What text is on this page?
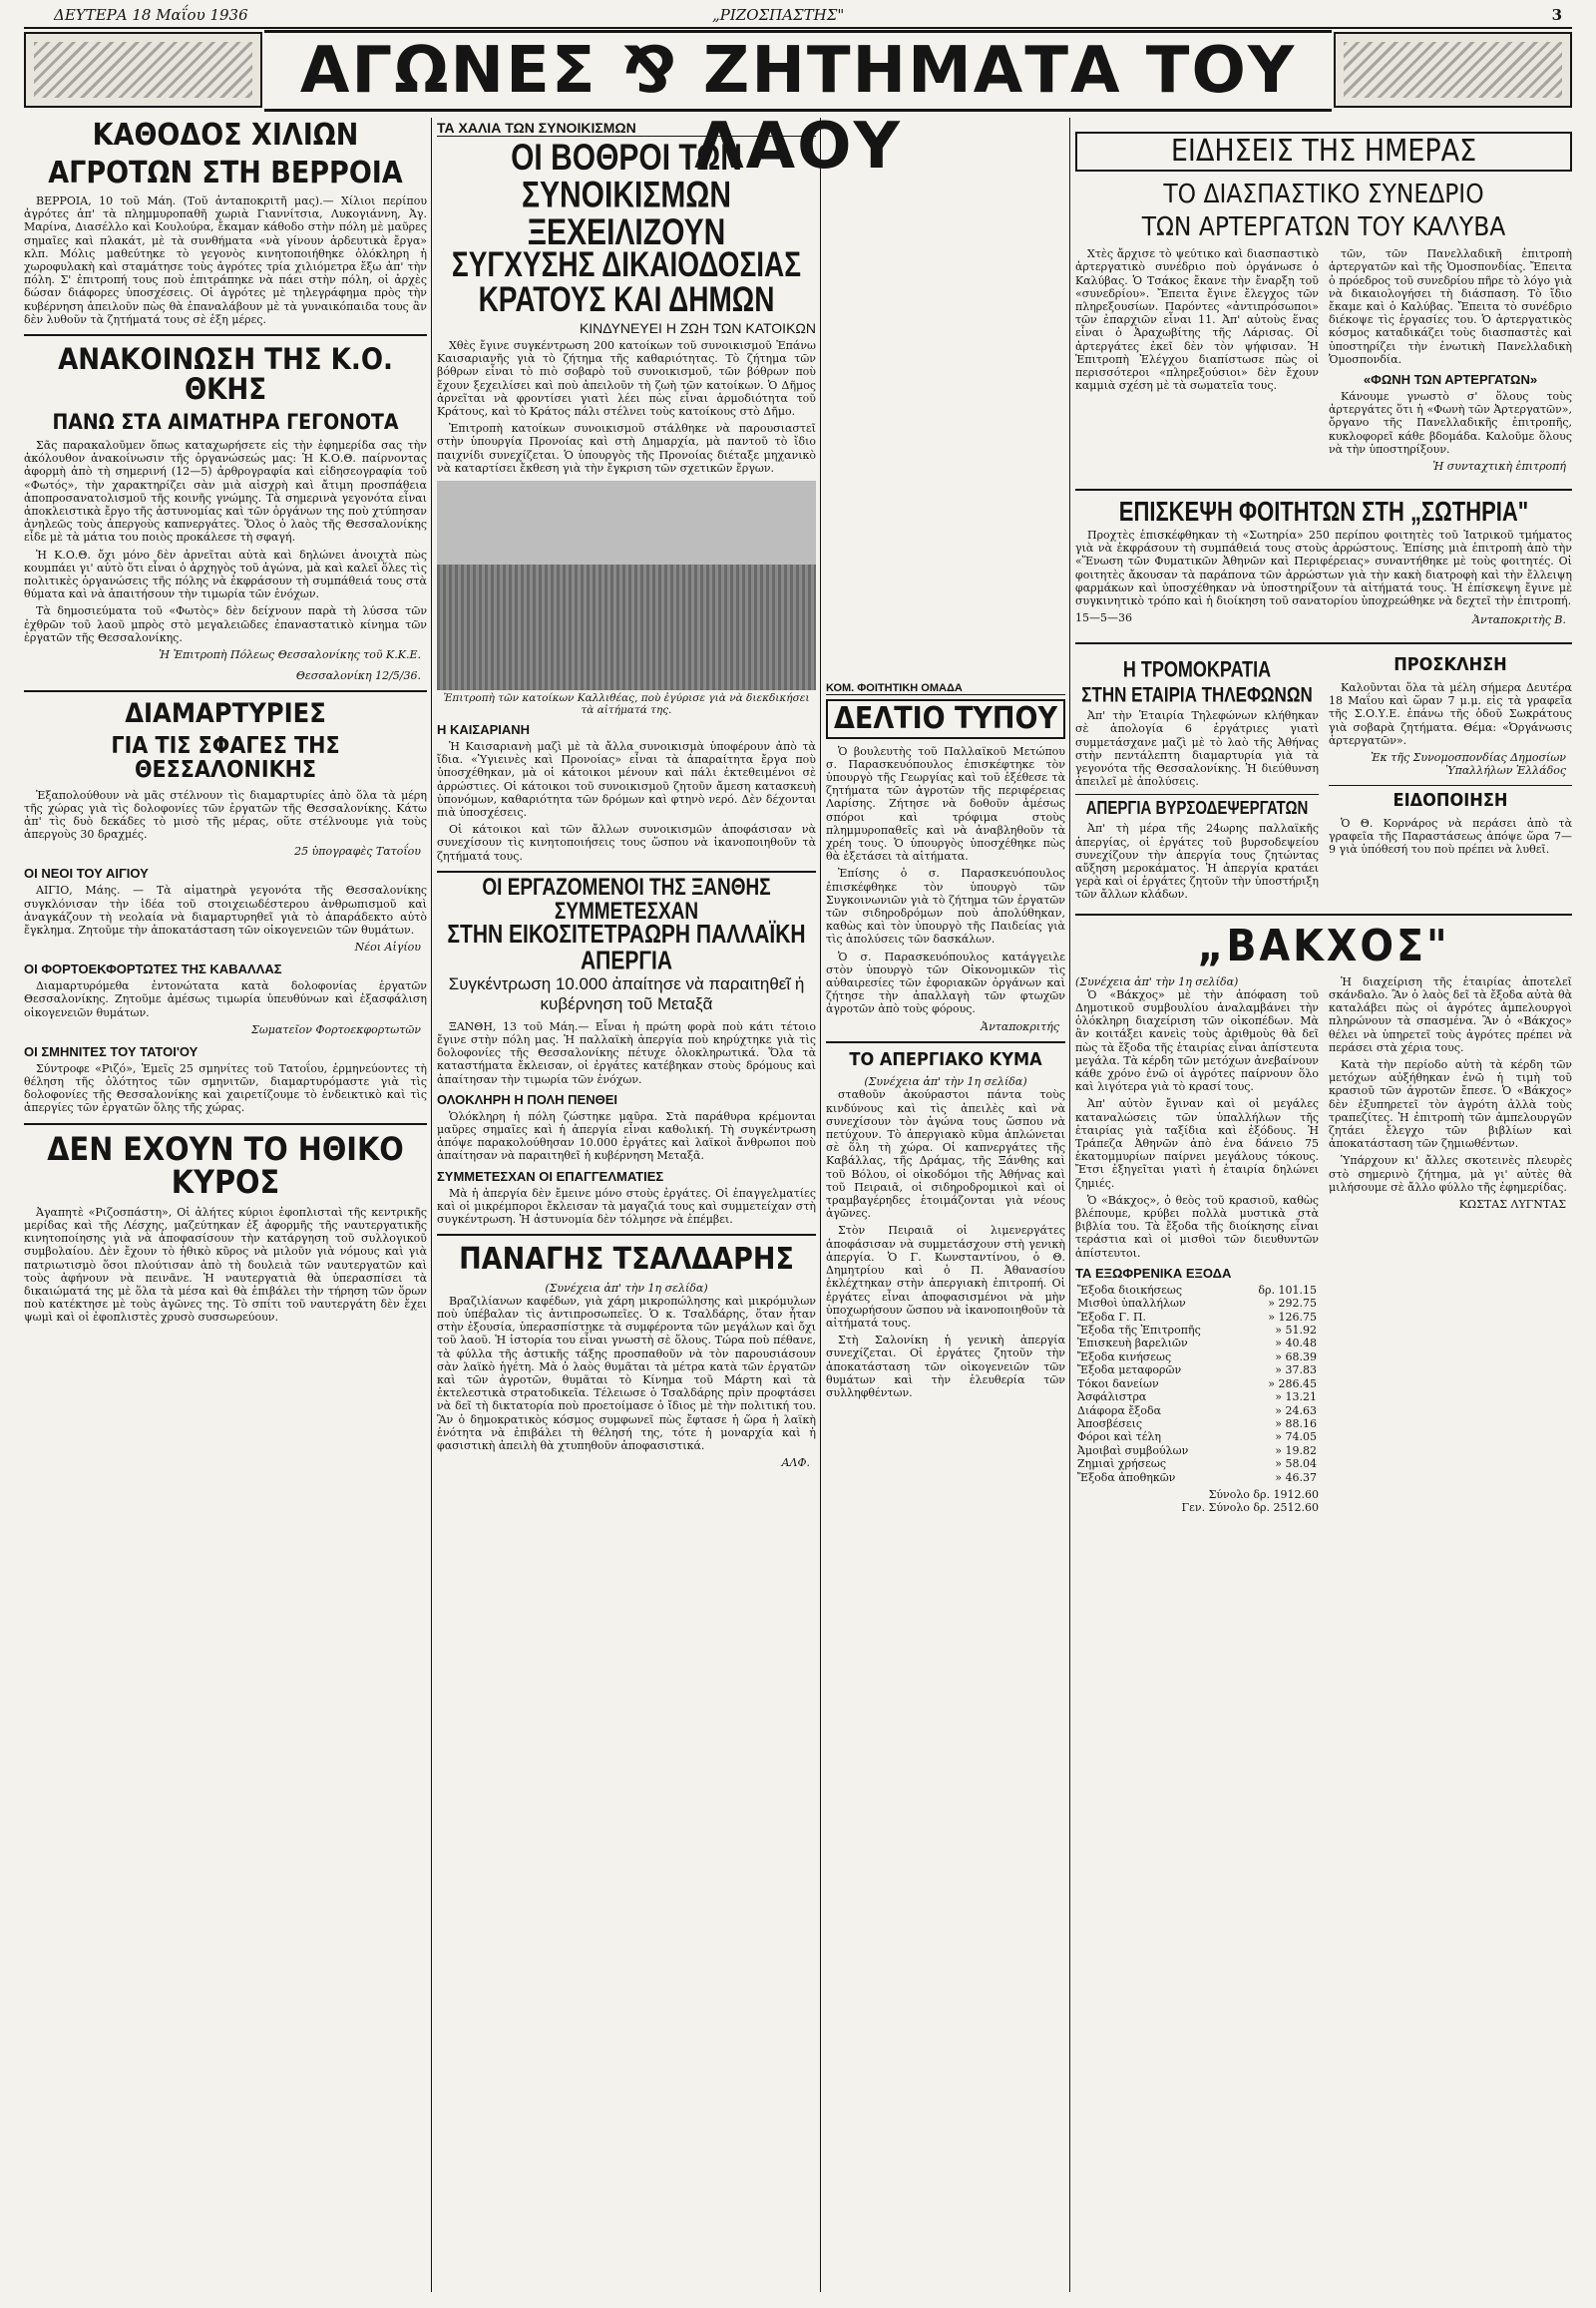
ΔΕΥΤΕΡΑ 18 Μαΐου 1936	„ΡΙΖΟΣΠΑΣΤΗΣ"	3
ΑΓΩΝΕΣ ⅋ ΖΗΤΗΜΑΤΑ ΤΟΥ ΛΑΟΥ
ΚΑΘΟΔΟΣ ΧΙΛΙΩΝ
ΑΓΡΟΤΩΝ ΣΤΗ ΒΕΡΡΟΙΑ

ΒΕΡΡΟΙΑ, 10 τοῦ Μάη. (Τοῦ ἀνταποκριτῆ μας).— Χίλιοι περίπου ἀγρότες ἀπ' τὰ πλημμυροπαθῆ χωριὰ Γιαννίτσια, Λυκογιάννη, Ἀγ. Μαρίνα, Διασέλλο καὶ Κουλούρα, ἔκαμαν κάθοδο στὴν πόλη μὲ μαῦρες σημαῖες καὶ πλακάτ, μὲ τὰ συνθήματα «νὰ γίνουν ἀρδευτικὰ ἔργα» κλπ. Μόλις μαθεύτηκε τὸ γεγονὸς κινητοποιήθηκε ὁλόκληρη ἡ χωροφυλακὴ καὶ σταμάτησε τοὺς ἀγρότες τρία χιλιόμετρα ἔξω ἀπ' τὴν πόλη. Σ' ἐπιτροπή τους ποὺ ἐπιτράπηκε νὰ πάει στὴν πόλη, οἱ ἀρχὲς δώσαν διάφορες ὑποσχέσεις. Οἱ ἀγρότες μὲ τηλεγράφημα πρὸς τὴν κυβέρνηση ἀπειλοῦν πὼς θὰ ἐπαναλάβουν μὲ τὰ γυναικόπαιδα τους ἂν δὲν λυθοῦν τὰ ζητήματά τους σὲ ἑξη μέρες.

ΑΝΑΚΟΙΝΩΣΗ ΤΗΣ Κ.Ο. ΘΚΗΣ
ΠΑΝΩ ΣΤΑ ΑΙΜΑΤΗΡΑ ΓΕΓΟΝΟΤΑ

Σᾶς παρακαλοῦμεν ὅπως καταχωρήσετε εἰς τὴν ἐφημερίδα σας τὴν ἀκόλουθον ἀνακοίνωσιν τῆς ὀργανώσεώς μας: Ἡ Κ.Ο.Θ. παίρνοντας ἀφορμὴ ἀπὸ τὴ σημερινή (12—5) ἀρθρογραφία καὶ εἰδησεογραφία τοῦ «Φωτός», τὴν χαρακτηρίζει σὰν μιὰ αἰσχρὴ καὶ ἄτιμη προσπάθεια ἀποπροσανατολισμοῦ τῆς κοινῆς γνώμης. Τὰ σημερινὰ γεγονότα εἶναι ἀποκλειστικὰ ἔργο τῆς ἀστυνομίας καὶ τῶν ὀργάνων της ποὺ χτύπησαν ἀνηλεῶς τοὺς ἀπεργοὺς καπνεργάτες. Ὅλος ὁ λαὸς τῆς Θεσσαλονίκης εἶδε μὲ τὰ μάτια του ποιὸς προκάλεσε τὴ σφαγή.

Ἡ Κ.Ο.Θ. ὄχι μόνο δὲν ἀρνεῖται αὐτὰ καὶ δηλώνει ἀνοιχτὰ πὼς κουμπάει γι' αὐτὸ ὅτι εἶναι ὁ ἀρχηγὸς τοῦ ἀγώνα, μὰ καὶ καλεῖ ὅλες τὶς πολιτικὲς ὀργανώσεις τῆς πόλης νὰ ἐκφράσουν τὴ συμπάθειά τους στὰ θύματα καὶ νὰ ἀπαιτήσουν τὴν τιμωρία τῶν ἐνόχων.

Τὰ δημοσιεύματα τοῦ «Φωτὸς» δὲν δείχνουν παρὰ τὴ λύσσα τῶν ἐχθρῶν τοῦ λαοῦ μπρὸς στὸ μεγαλειῶδες ἐπαναστατικὸ κίνημα τῶν ἐργατῶν τῆς Θεσσαλονίκης.

Ἡ Ἐπιτροπὴ Πόλεως Θεσσαλονίκης τοῦ Κ.Κ.Ε.
Θεσσαλονίκη 12/5/36.
ΔΙΑΜΑΡΤΥΡΙΕΣ
ΓΙΑ ΤΙΣ ΣΦΑΓΕΣ ΤΗΣ ΘΕΣΣΑΛΟΝΙΚΗΣ

Ἐξαπολούθουν νὰ μᾶς στέλνουν τὶς διαμαρτυρίες ἀπὸ ὅλα τὰ μέρη τῆς χώρας γιὰ τὶς δολοφονίες τῶν ἐργατῶν τῆς Θεσσαλονίκης. Κάτω ἀπ' τὶς δυὸ δεκάδες τὸ μισὸ τῆς μέρας, οὕτε στέλνουμε γιὰ τοὺς ἀπεργοὺς 30 δραχμές.

25 ὑπογραφὲς Τατοΐου
ΟΙ ΝΕΟΙ ΤΟΥ ΑΙΓΙΟΥ

ΑΙΓΙΟ, Μάης. — Τὰ αἱματηρὰ γεγονότα τῆς Θεσσαλονίκης συγκλόνισαν τὴν ἰδέα τοῦ στοιχειωδέστερου ἀνθρωπισμοῦ καὶ ἀναγκάζουν τὴ νεολαία νὰ διαμαρτυρηθεῖ γιὰ τὸ ἀπαράδεκτο αὐτὸ ἔγκλημα. Ζητοῦμε τὴν ἀποκατάσταση τῶν οἰκογενειῶν τῶν θυμάτων.

Νέοι Αἰγίου
ΟΙ ΦΟΡΤΟΕΚΦΟΡΤΩΤΕΣ ΤΗΣ ΚΑΒΑΛΛΑΣ

Διαμαρτυρόμεθα ἐντονώτατα κατὰ δολοφονίας ἐργατῶν Θεσσαλονίκης. Ζητοῦμε ἀμέσως τιμωρία ὑπευθύνων καὶ ἐξασφάλιση οἰκογενειῶν θυμάτων.

Σωματεῖον Φορτοεκφορτωτῶν
ΟΙ ΣΜΗΝΙΤΕΣ ΤΟΥ ΤΑΤΟΙ'ΟΥ

Σύντροφε «Ριζό», Ἐμεῖς 25 σμηνίτες τοῦ Τατοΐου, ἑρμηνεύοντες τὴ θέληση τῆς ὁλότητος τῶν σμηνιτῶν, διαμαρτυρόμαστε γιὰ τὶς δολοφονίες τῆς Θεσσαλονίκης καὶ χαιρετίζουμε τὸ ἐνδεικτικὸ καὶ τὶς ἀπεργίες τῶν ἐργατῶν ὅλης τῆς χώρας.

ΔΕΝ ΕΧΟΥΝ ΤΟ ΗΘΙΚΟ ΚΥΡΟΣ

Ἀγαπητὲ «Ριζοσπάστη», Οἱ ἀλήτες κύριοι ἐφοπλισταὶ τῆς κεντρικῆς μερίδας καὶ τῆς Λέσχης, μαζεύτηκαν ἐξ ἀφορμῆς τῆς ναυτεργατικῆς κινητοποίησης γιὰ νὰ ἀποφασίσουν τὴν κατάργηση τοῦ συλλογικοῦ συμβολαίου. Δὲν ἔχουν τὸ ἠθικὸ κῦρος νὰ μιλοῦν γιὰ νόμους καὶ γιὰ πατριωτισμὸ ὅσοι πλούτισαν ἀπὸ τὴ δουλειὰ τῶν ναυτεργατῶν καὶ τοὺς ἀφήνουν νὰ πεινᾶνε. Ἡ ναυτεργατιὰ θὰ ὑπερασπίσει τὰ δικαιώματά της μὲ ὅλα τὰ μέσα καὶ θὰ ἐπιβάλει τὴν τήρηση τῶν ὅρων ποὺ κατέκτησε μὲ τοὺς ἀγῶνες της. Τὸ σπίτι τοῦ ναυτεργάτη δὲν ἔχει ψωμὶ καὶ οἱ ἐφοπλιστὲς χρυσὸ συσσωρεύουν.

ΤΑ ΧΑΛΙΑ ΤΩΝ ΣΥΝΟΙΚΙΣΜΩΝ
ΟΙ ΒΟΘΡΟΙ ΤΩΝ ΣΥΝΟΙΚΙΣΜΩΝ ΞΕΧΕΙΛΙΖΟΥΝ
ΣΥΓΧΥΣΗΣ ΔΙΚΑΙΟΔΟΣΙΑΣ ΚΡΑΤΟΥΣ ΚΑΙ ΔΗΜΩΝ
ΚΙΝΔΥΝΕΥΕΙ Η ΖΩΗ ΤΩΝ ΚΑΤΟΙΚΩΝ

Χθὲς ἔγινε συγκέντρωση 200 κατοίκων τοῦ συνοικισμοῦ Ἐπάνω Καισαριανῆς γιὰ τὸ ζήτημα τῆς καθαριότητας. Τὸ ζήτημα τῶν βόθρων εἶναι τὸ πιὸ σοβαρὸ τοῦ συνοικισμοῦ, τῶν βόθρων ποὺ ἔχουν ξεχειλίσει καὶ ποὺ ἀπειλοῦν τὴ ζωὴ τῶν κατοίκων. Ὁ Δῆμος ἀρνεῖται νὰ φροντίσει γιατὶ λέει πὼς εἶναι ἁρμοδιότητα τοῦ Κράτους, καὶ τὸ Κράτος πάλι στέλνει τοὺς κατοίκους στὸ Δῆμο.

Ἐπιτροπὴ κατοίκων συνοικισμοῦ στάλθηκε νὰ παρουσιαστεῖ στὴν ὑπουργία Προνοίας καὶ στὴ Δημαρχία, μὰ παντοῦ τὸ ἴδιο παιχνίδι συνεχίζεται. Ὁ ὑπουργὸς τῆς Προνοίας διέταξε μηχανικὸ νὰ καταρτίσει ἔκθεση γιὰ τὴν ἔγκριση τῶν σχετικῶν ἔργων.

Ἐπιτροπὴ τῶν κατοίκων Καλλιθέας, ποὺ ἐγύρισε γιὰ νὰ διεκδικήσει τὰ αἰτήματά της.
Η ΚΑΙΣΑΡΙΑΝΗ

Ἡ Καισαριανὴ μαζὶ μὲ τὰ ἄλλα συνοικισμὰ ὑποφέρουν ἀπὸ τὰ ἴδια. «Ὑγιεινὲς καὶ Προνοίας» εἶναι τὰ ἀπαραίτητα ἔργα ποὺ ὑποσχέθηκαν, μὰ οἱ κάτοικοι μένουν καὶ πάλι ἐκτεθειμένοι σὲ ἀρρώστιες. Οἱ κάτοικοι τοῦ συνοικισμοῦ ζητοῦν ἄμεση κατασκευὴ ὑπονόμων, καθαριότητα τῶν δρόμων καὶ φτηνὸ νερό. Δὲν δέχονται πιὰ ὑποσχέσεις.

Οἱ κάτοικοι καὶ τῶν ἄλλων συνοικισμῶν ἀποφάσισαν νὰ συνεχίσουν τὶς κινητοποιήσεις τους ὥσπου νὰ ἱκανοποιηθοῦν τὰ ζητήματά τους.

ΟΙ ΕΡΓΑΖΟΜΕΝΟΙ ΤΗΣ ΞΑΝΘΗΣ ΣΥΜΜΕΤΕΣΧΑΝ
ΣΤΗΝ ΕΙΚΟΣΙΤΕΤΡΑΩΡΗ ΠΑΛΛΑΪΚΗ ΑΠΕΡΓΙΑ
Συγκέντρωση 10.000 ἀπαίτησε νὰ παραιτηθεῖ ἡ κυβέρνηση τοῦ Μεταξᾶ

ΞΑΝΘΗ, 13 τοῦ Μάη.— Εἶναι ἡ πρώτη φορὰ ποὺ κάτι τέτοιο ἔγινε στὴν πόλη μας. Ἡ παλλαϊκὴ ἀπεργία ποὺ κηρύχτηκε γιὰ τὶς δολοφονίες τῆς Θεσσαλονίκης πέτυχε ὁλοκληρωτικά. Ὅλα τὰ καταστήματα ἔκλεισαν, οἱ ἐργάτες κατέβηκαν στοὺς δρόμους καὶ ἀπαίτησαν τὴν τιμωρία τῶν ἐνόχων.

ΟΛΟΚΛΗΡΗ Η ΠΟΛΗ ΠΕΝΘΕΙ

Ὁλόκληρη ἡ πόλη ζώστηκε μαῦρα. Στὰ παράθυρα κρέμονται μαῦρες σημαῖες καὶ ἡ ἀπεργία εἶναι καθολική. Τὴ συγκέντρωση ἀπόψε παρακολούθησαν 10.000 ἐργάτες καὶ λαϊκοὶ ἄνθρωποι ποὺ ἀπαίτησαν νὰ παραιτηθεῖ ἡ κυβέρνηση Μεταξᾶ.

ΣΥΜΜΕΤΕΣΧΑΝ ΟΙ ΕΠΑΓΓΕΛΜΑΤΙΕΣ

Μὰ ἡ ἀπεργία δὲν ἔμεινε μόνο στοὺς ἐργάτες. Οἱ ἐπαγγελματίες καὶ οἱ μικρέμποροι ἔκλεισαν τὰ μαγαζιά τους καὶ συμμετείχαν στὴ συγκέντρωση. Ἡ ἀστυνομία δὲν τόλμησε νὰ ἐπέμβει.

ΠΑΝΑΓΗΣ ΤΣΑΛΔΑΡΗΣ
(Συνέχεια ἀπ' τὴν 1η σελίδα)

Βραζιλίανων καφέδων, γιὰ χάρη μικροπώλησης καὶ μικρόμυλων ποὺ ὑπέβαλαν τὶς ἀντιπροσωπεῖες. Ὁ κ. Τσαλδάρης, ὅταν ἦταν στὴν ἐξουσία, ὑπερασπίστηκε τὰ συμφέροντα τῶν μεγάλων καὶ ὄχι τοῦ λαοῦ. Ἡ ἱστορία του εἶναι γνωστὴ σὲ ὅλους. Τώρα ποὺ πέθανε, τὰ φύλλα τῆς ἀστικῆς τάξης προσπαθοῦν νὰ τὸν παρουσιάσουν σὰν λαϊκὸ ἡγέτη. Μὰ ὁ λαὸς θυμᾶται τὰ μέτρα κατὰ τῶν ἐργατῶν καὶ τῶν ἀγροτῶν, θυμᾶται τὸ Κίνημα τοῦ Μάρτη καὶ τὰ ἐκτελεστικὰ στρατοδικεῖα. Τέλειωσε ὁ Τσαλδάρης πρὶν προφτάσει νὰ δεῖ τὴ δικτατορία ποὺ προετοίμασε ὁ ἴδιος μὲ τὴν πολιτική του. Ἂν ὁ δημοκρατικὸς κόσμος συμφωνεῖ πὼς ἔφτασε ἡ ὥρα ἡ λαϊκὴ ἑνότητα νὰ ἐπιβάλει τὴ θέλησή της, τότε ἡ μοναρχία καὶ ἡ φασιστικὴ ἀπειλὴ θὰ χτυπηθοῦν ἀποφασιστικά.

ΑΛΦ.
ΚΟΜ. ΦΟΙΤΗΤΙΚΗ ΟΜΑΔΑ
ΔΕΛΤΙΟ ΤΥΠΟΥ

Ὁ βουλευτὴς τοῦ Παλλαϊκοῦ Μετώπου σ. Παρασκευόπουλος ἐπισκέφτηκε τὸν ὑπουργὸ τῆς Γεωργίας καὶ τοῦ ἐξέθεσε τὰ ζητήματα τῶν ἀγροτῶν τῆς περιφέρειας Λαρίσης. Ζήτησε νὰ δοθοῦν ἀμέσως σπόροι καὶ τρόφιμα στοὺς πλημμυροπαθεῖς καὶ νὰ ἀναβληθοῦν τὰ χρέη τους. Ὁ ὑπουργὸς ὑποσχέθηκε πὼς θὰ ἐξετάσει τὰ αἰτήματα.

Ἐπίσης ὁ σ. Παρασκευόπουλος ἐπισκέφθηκε τὸν ὑπουργὸ τῶν Συγκοινωνιῶν γιὰ τὸ ζήτημα τῶν ἐργατῶν τῶν σιδηροδρόμων ποὺ ἀπολύθηκαν, καθὼς καὶ τὸν ὑπουργὸ τῆς Παιδείας γιὰ τὶς ἀπολύσεις τῶν δασκάλων.

Ὁ σ. Παρασκευόπουλος κατάγγειλε στὸν ὑπουργὸ τῶν Οἰκονομικῶν τὶς αὐθαιρεσίες τῶν ἐφοριακῶν ὀργάνων καὶ ζήτησε τὴν ἀπαλλαγὴ τῶν φτωχῶν ἀγροτῶν ἀπὸ τοὺς φόρους.

Ἀνταποκριτής
ΤΟ ΑΠΕΡΓΙΑΚΟ ΚΥΜΑ
(Συνέχεια ἀπ' τὴν 1η σελίδα)

σταθοῦν ἀκούραστοι πάντα τοὺς κινδύνους καὶ τὶς ἀπειλὲς καὶ νὰ συνεχίσουν τὸν ἀγώνα τους ὥσπου νὰ πετύχουν. Τὸ ἀπεργιακὸ κῦμα ἁπλώνεται σὲ ὅλη τὴ χώρα. Οἱ καπνεργάτες τῆς Καβάλλας, τῆς Δράμας, τῆς Ξάνθης καὶ τοῦ Βόλου, οἱ οἰκοδόμοι τῆς Ἀθήνας καὶ τοῦ Πειραιᾶ, οἱ σιδηροδρομικοὶ καὶ οἱ τραμβαγέρηδες ἑτοιμάζονται γιὰ νέους ἀγῶνες.

Στὸν Πειραιᾶ οἱ λιμενεργάτες ἀποφάσισαν νὰ συμμετάσχουν στὴ γενικὴ ἀπεργία. Ὁ Γ. Κωνσταντίνου, ὁ Θ. Δημητρίου καὶ ὁ Π. Ἀθανασίου ἐκλέχτηκαν στὴν ἀπεργιακὴ ἐπιτροπή. Οἱ ἐργάτες εἶναι ἀποφασισμένοι νὰ μὴν ὑποχωρήσουν ὥσπου νὰ ἱκανοποιηθοῦν τὰ αἰτήματά τους.

Στὴ Σαλονίκη ἡ γενικὴ ἀπεργία συνεχίζεται. Οἱ ἐργάτες ζητοῦν τὴν ἀποκατάσταση τῶν οἰκογενειῶν τῶν θυμάτων καὶ τὴν ἐλευθερία τῶν συλληφθέντων.

ΕΙΔΗΣΕΙΣ ΤΗΣ ΗΜΕΡΑΣ
ΤΟ ΔΙΑΣΠΑΣΤΙΚΟ ΣΥΝΕΔΡΙΟ
ΤΩΝ ΑΡΤΕΡΓΑΤΩΝ ΤΟΥ ΚΑΛΥΒΑ

Χτὲς ἄρχισε τὸ ψεύτικο καὶ διασπαστικὸ ἀρτεργατικὸ συνέδριο ποὺ ὀργάνωσε ὁ Καλύβας. Ὁ Τσάκος ἔκανε τὴν ἔναρξη τοῦ «συνεδρίου». Ἔπειτα ἔγινε ἔλεγχος τῶν πληρεξουσίων. Παρόντες «ἀντιπρόσωποι» τῶν ἐπαρχιῶν εἶναι 11. Ἀπ' αὐτοὺς ἕνας εἶναι ὁ Ἀραχωβίτης τῆς Λάρισας. Οἱ ἀρτεργάτες ἐκεῖ δὲν τὸν ψήφισαν. Ἡ Ἐπιτροπὴ Ἐλέγχου διαπίστωσε πὼς οἱ περισσότεροι «πληρεξούσιοι» δὲν ἔχουν καμμιὰ σχέση μὲ τὰ σωματεῖα τους.

τῶν, τῶν Πανελλαδικῆ ἐπιτροπὴ ἀρτεργατῶν καὶ τῆς Ὁμοσπονδίας. Ἔπειτα ὁ πρόεδρος τοῦ συνεδρίου πῆρε τὸ λόγο γιὰ νὰ δικαιολογήσει τὴ διάσπαση. Τὸ ἴδιο ἔκαμε καὶ ὁ Καλύβας. Ἔπειτα τὸ συνέδριο διέκοψε τὶς ἐργασίες του. Ὁ ἀρτεργατικὸς κόσμος καταδικάζει τοὺς διασπαστὲς καὶ ὑποστηρίζει τὴν ἑνωτικὴ Πανελλαδικὴ Ὁμοσπονδία.

«ΦΩΝΗ ΤΩΝ ΑΡΤΕΡΓΑΤΩΝ»

Κάνουμε γνωστὸ σ' ὅλους τοὺς ἀρτεργάτες ὅτι ἡ «Φωνὴ τῶν Ἀρτεργατῶν», ὄργανο τῆς Πανελλαδικῆς ἐπιτροπῆς, κυκλοφορεῖ κάθε βδομάδα. Καλοῦμε ὅλους νὰ τὴν ὑποστηρίξουν.

Ἡ συνταχτικὴ ἐπιτροπή
ΕΠΙΣΚΕΨΗ ΦΟΙΤΗΤΩΝ ΣΤΗ „ΣΩΤΗΡΙΑ"

Προχτὲς ἐπισκέφθηκαν τὴ «Σωτηρία» 250 περίπου φοιτητὲς τοῦ Ἰατρικοῦ τμήματος γιὰ νὰ ἐκφράσουν τὴ συμπάθειά τους στοὺς ἀρρώστους. Ἐπίσης μιὰ ἐπιτροπὴ ἀπὸ τὴν «Ἕνωση τῶν Φυματικῶν Ἀθηνῶν καὶ Περιφέρειας» συναντήθηκε μὲ τοὺς φοιτητές. Οἱ φοιτητὲς ἄκουσαν τὰ παράπονα τῶν ἀρρώστων γιὰ τὴν κακὴ διατροφὴ καὶ τὴν ἔλλειψη φαρμάκων καὶ ὑποσχέθηκαν νὰ ὑποστηρίξουν τὰ αἰτήματά τους. Ἡ ἐπίσκεψη ἔγινε μὲ συγκινητικὸ τρόπο καὶ ἡ διοίκηση τοῦ σανατορίου ὑποχρεώθηκε νὰ δεχτεῖ τὴν ἐπιτροπή.

15—5—36	Ἀνταποκριτὴς Β.
Η ΤΡΟΜΟΚΡΑΤΙΑ
ΣΤΗΝ ΕΤΑΙΡΙΑ ΤΗΛΕΦΩΝΩΝ

Ἀπ' τὴν Ἑταιρία Τηλεφώνων κλήθηκαν σὲ ἀπολογία 6 ἐργάτριες γιατὶ συμμετάσχανε μαζὶ μὲ τὸ λαὸ τῆς Ἀθήνας στὴν πεντάλεπτη διαμαρτυρία γιὰ τὰ γεγονότα τῆς Θεσσαλονίκης. Ἡ διεύθυνση ἀπειλεῖ μὲ ἀπολύσεις.

ΑΠΕΡΓΙΑ ΒΥΡΣΟΔΕΨΕΡΓΑΤΩΝ

Ἀπ' τὴ μέρα τῆς 24ωρης παλλαϊκῆς ἀπεργίας, οἱ ἐργάτες τοῦ βυρσοδεψείου συνεχίζουν τὴν ἀπεργία τους ζητώντας αὔξηση μεροκάματος. Ἡ ἀπεργία κρατάει γερὰ καὶ οἱ ἐργάτες ζητοῦν τὴν ὑποστήριξη τῶν ἄλλων κλάδων.

ΠΡΟΣΚΛΗΣΗ

Καλοῦνται ὅλα τὰ μέλη σήμερα Δευτέρα 18 Μαΐου καὶ ὥραν 7 μ.μ. εἰς τὰ γραφεῖα τῆς Σ.Ο.Υ.Ε. ἐπάνω τῆς ὁδοῦ Σωκράτους γιὰ σοβαρὰ ζητήματα. Θέμα: «Ὀργάνωσις ἀρτεργατῶν».

Ἐκ τῆς Συνομοσπονδίας Δημοσίων Ὑπαλλήλων Ἑλλάδος
ΕΙΔΟΠΟΙΗΣΗ

Ὁ Θ. Κορνάρος νὰ περάσει ἀπὸ τὰ γραφεῖα τῆς Παραστάσεως ἀπόψε ὥρα 7—9 γιὰ ὑπόθεσή του ποὺ πρέπει νὰ λυθεῖ.

„ΒΑΚΧΟΣ"
(Συνέχεια ἀπ' τὴν 1η σελίδα)

Ὁ «Βάκχος» μὲ τὴν ἀπόφαση τοῦ Δημοτικοῦ συμβουλίου ἀναλαμβάνει τὴν ὁλόκληρη διαχείριση τῶν οἰκοπέδων. Μὰ ἂν κοιτάξει κανεὶς τοὺς ἀριθμοὺς θὰ δεῖ πὼς τὰ ἔξοδα τῆς ἑταιρίας εἶναι ἀπίστευτα μεγάλα. Τὰ κέρδη τῶν μετόχων ἀνεβαίνουν κάθε χρόνο ἐνῶ οἱ ἀγρότες παίρνουν ὅλο καὶ λιγότερα γιὰ τὸ κρασί τους.

Ἀπ' αὐτὸν ἔγιναν καὶ οἱ μεγάλες καταναλώσεις τῶν ὑπαλλήλων τῆς ἑταιρίας γιὰ ταξίδια καὶ ἐξόδους. Ἡ Τράπεζα Ἀθηνῶν ἀπὸ ἑνα δάνειο 75 ἑκατομμυρίων παίρνει μεγάλους τόκους. Ἔτσι ἐξηγεῖται γιατὶ ἡ ἑταιρία δηλώνει ζημιές.

Ὁ «Βάκχος», ὁ θεὸς τοῦ κρασιοῦ, καθὼς βλέπουμε, κρύβει πολλὰ μυστικὰ στὰ βιβλία του. Τὰ ἔξοδα τῆς διοίκησης εἶναι τεράστια καὶ οἱ μισθοὶ τῶν διευθυντῶν ἀπίστευτοι.

ΤΑ ΕΞΩΦΡΕΝΙΚΑ ΕΞΟΔΑ
Ἔξοδα διοικήσεως	δρ. 101.15
Μισθοὶ ὑπαλλήλων	» 292.75
Ἔξοδα Γ. Π.	» 126.75
Ἔξοδα τῆς Ἐπιτροπῆς	» 51.92
Ἐπισκευὴ βαρελιῶν	» 40.48
Ἔξοδα κινήσεως	» 68.39
Ἔξοδα μεταφορῶν	» 37.83
Τόκοι δανείων	» 286.45
Ἀσφάλιστρα	» 13.21
Διάφορα ἔξοδα	» 24.63
Ἀποσβέσεις	» 88.16
Φόροι καὶ τέλη	» 74.05
Ἀμοιβαὶ συμβούλων	» 19.82
Ζημιαὶ χρήσεως	» 58.04
Ἔξοδα ἀποθηκῶν	» 46.37
Σύνολο δρ. 1912.60
Γεν. Σύνολο δρ. 2512.60

Ἡ διαχείριση τῆς ἑταιρίας ἀποτελεῖ σκάνδαλο. Ἂν ὁ λαὸς δεῖ τὰ ἔξοδα αὐτὰ θὰ καταλάβει πὼς οἱ ἀγρότες ἀμπελουργοὶ πληρώνουν τὰ σπασμένα. Ἂν ὁ «Βάκχος» θέλει νὰ ὑπηρετεῖ τοὺς ἀγρότες πρέπει νὰ περάσει στὰ χέρια τους.

Κατὰ τὴν περίοδο αὐτὴ τὰ κέρδη τῶν μετόχων αὐξήθηκαν ἐνῶ ἡ τιμὴ τοῦ κρασιοῦ τῶν ἀγροτῶν ἔπεσε. Ὁ «Βάκχος» δὲν ἐξυπηρετεῖ τὸν ἀγρότη ἀλλὰ τοὺς τραπεζίτες. Ἡ ἐπιτροπὴ τῶν ἀμπελουργῶν ζητάει ἔλεγχο τῶν βιβλίων καὶ ἀποκατάσταση τῶν ζημιωθέντων.

Ὑπάρχουν κι' ἄλλες σκοτεινὲς πλευρὲς στὸ σημερινὸ ζήτημα, μὰ γι' αὐτὲς θὰ μιλήσουμε σὲ ἄλλο φύλλο τῆς ἐφημερίδας.

ΚΩΣΤΑΣ ΛΥΓΝΤΑΣ
